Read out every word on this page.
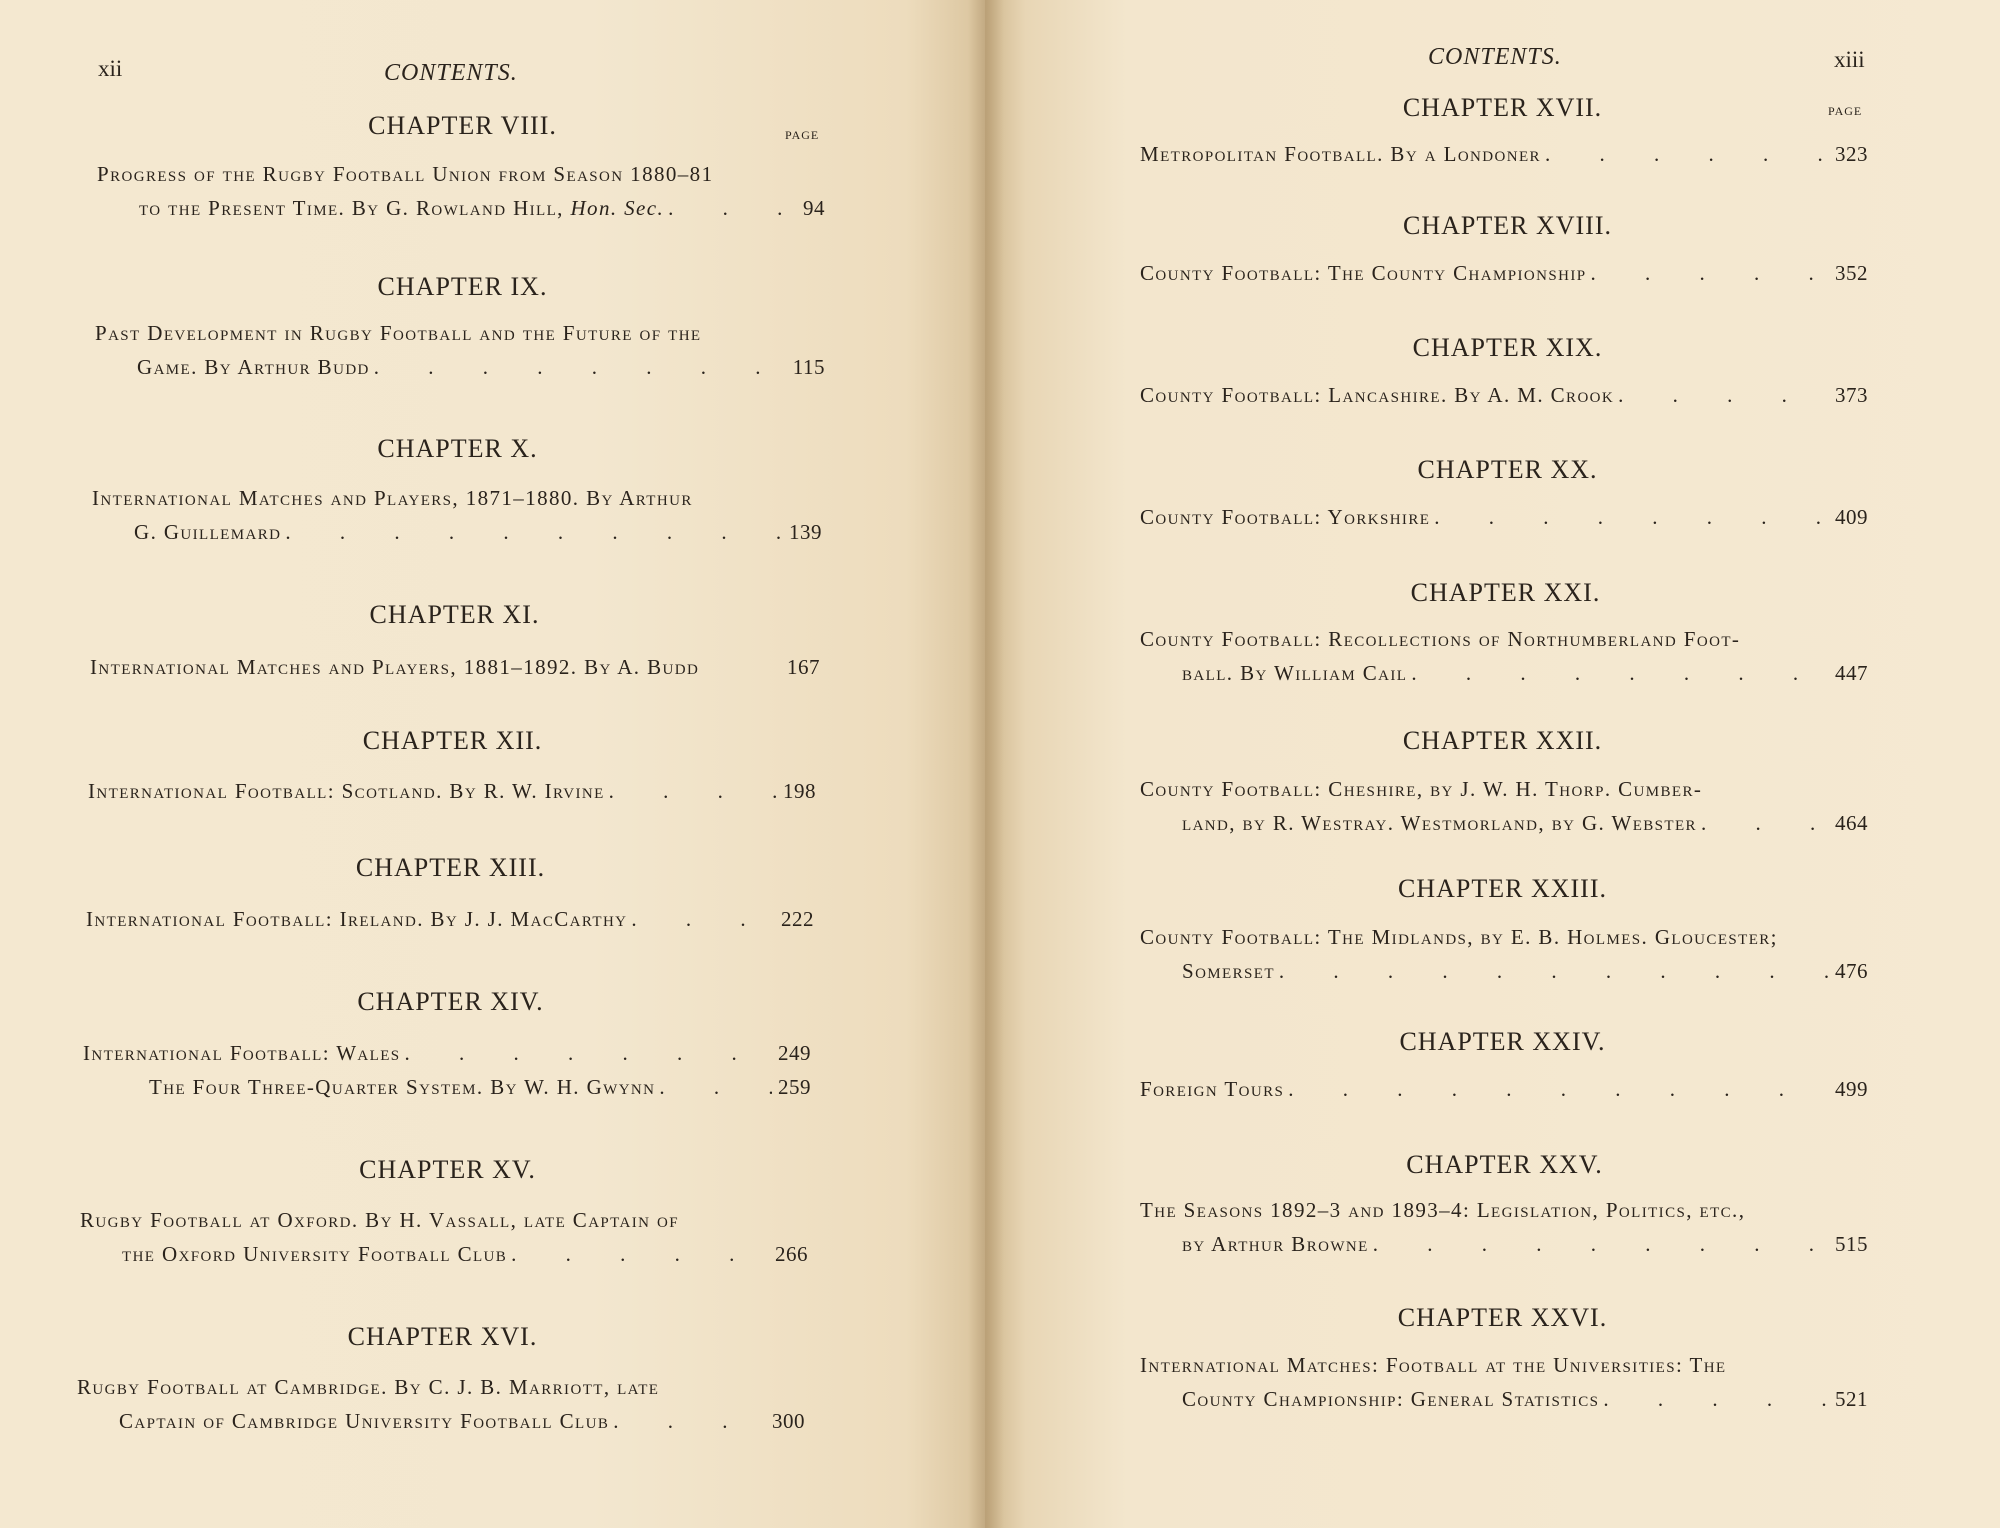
xii	CONTENTS.
PAGE
CHAPTER VIII.
Progress of the Rugby Football Union from Season 1880–81
to the Present Time. By G. Rowland Hill, Hon. Sec. . .	94
CHAPTER IX.
Past Development in Rugby Football and the Future of the
Game. By Arthur Budd . .	115
CHAPTER X.
International Matches and Players, 1871–1880. By Arthur
G. Guillemard . .	139
CHAPTER XI.
International Matches and Players, 1881–1892. By A. Budd	167
CHAPTER XII.
International Football: Scotland. By R. W. Irvine . .	198
CHAPTER XIII.
International Football: Ireland. By J. J. MacCarthy . .	222
CHAPTER XIV.
International Football: Wales . .	249
The Four Three-Quarter System. By W. H. Gwynn . .	259
CHAPTER XV.
Rugby Football at Oxford. By H. Vassall, late Captain of
the Oxford University Football Club . .	266
CHAPTER XVI.
Rugby Football at Cambridge. By C. J. B. Marriott, late
Captain of Cambridge University Football Club . .	300
CONTENTS.	xiii
PAGE
CHAPTER XVII.
Metropolitan Football. By a Londoner . .	323
CHAPTER XVIII.
County Football: The County Championship . .	352
CHAPTER XIX.
County Football: Lancashire. By A. M. Crook . .	373
CHAPTER XX.
County Football: Yorkshire . .	409
CHAPTER XXI.
County Football: Recollections of Northumberland Foot-
ball. By William Cail . .	447
CHAPTER XXII.
County Football: Cheshire, by J. W. H. Thorp. Cumber-
land, by R. Westray. Westmorland, by G. Webster . .	464
CHAPTER XXIII.
County Football: The Midlands, by E. B. Holmes. Gloucester;
Somerset . .	476
CHAPTER XXIV.
Foreign Tours . .	499
CHAPTER XXV.
The Seasons 1892–3 and 1893–4: Legislation, Politics, etc.,
by Arthur Browne . .	515
CHAPTER XXVI.
International Matches: Football at the Universities: The
County Championship: General Statistics . .	521
